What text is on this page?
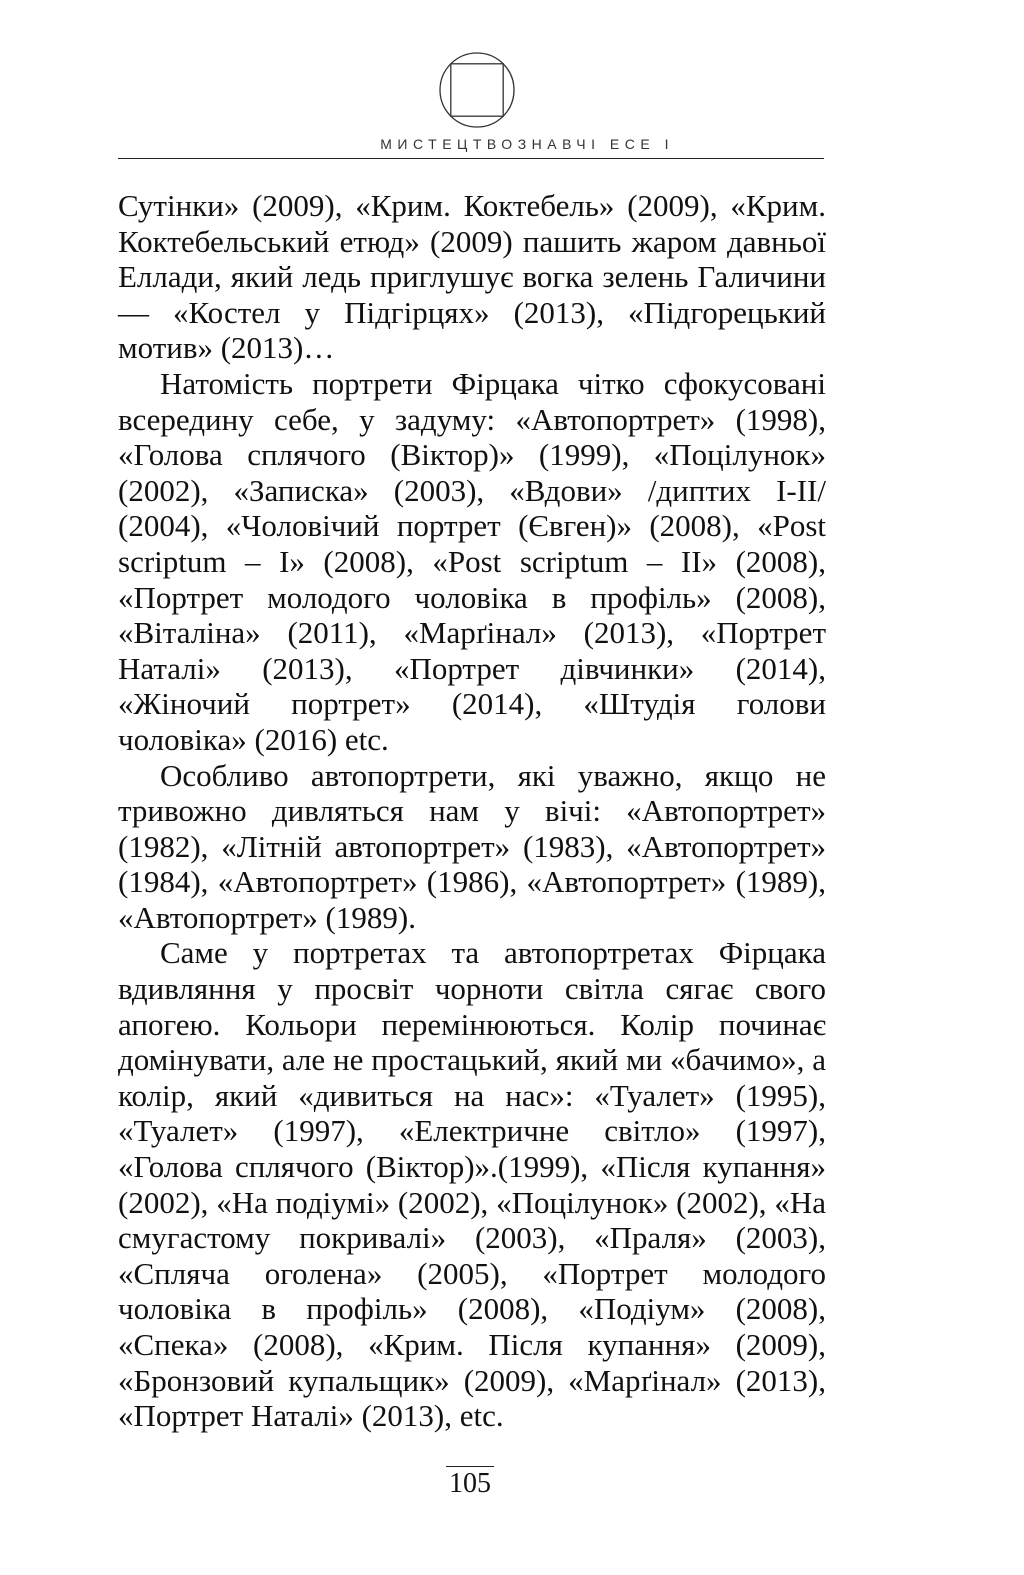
МИСТЕЦТВОЗНАВЧІ ЕСЕ І

Сутінки» (2009), «Крим. Коктебель» (2009), «Крим. Коктебельський етюд» (2009) пашить жаром давньої Еллади, який ледь приглушує вогка зелень Галичини — «Костел у Підгірцях» (2013), «Підгорецький мотив» (2013)…

Натомість портрети Фірцака чітко сфокусовані всередину себе, у задуму: «Автопортрет» (1998), «Голова сплячого (Віктор)» (1999), «Поцілунок» (2002), «Записка» (2003), «Вдови» /диптих І-ІІ/ (2004), «Чоловічий портрет (Євген)» (2008), «Post scriptum – І» (2008), «Post scriptum – ІІ» (2008), «Портрет молодого чоловіка в профіль» (2008), «Віталіна» (2011), «Марґінал» (2013), «Портрет Наталі» (2013), «Портрет дівчинки» (2014), «Жіночий портрет» (2014), «Штудія голови чоловіка» (2016) etc.

Особливо автопортрети, які уважно, якщо не тривожно дивляться нам у вічі: «Автопортрет» (1982), «Літній автопортрет» (1983), «Автопортрет» (1984), «Автопортрет» (1986), «Автопортрет» (1989), «Автопортрет» (1989).

Саме у портретах та автопортретах Фірцака вдивляння у просвіт чорноти світла сягає свого апогею. Кольори перемінюються. Колір починає домінувати, але не простацький, який ми «бачимо», а колір, який «дивиться на нас»: «Туалет» (1995), «Туалет» (1997), «Електричне світло» (1997), «Голова сплячого (Віктор)».(1999), «Після купання» (2002), «На подіумі» (2002), «Поцілунок» (2002), «На смугастому покривалі» (2003), «Праля» (2003), «Спляча оголена» (2005), «Портрет молодого чоловіка в профіль» (2008), «Подіум» (2008), «Спека» (2008), «Крим. Після купання» (2009), «Бронзовий купальщик» (2009), «Марґінал» (2013), «Портрет Наталі» (2013), etc.

105
